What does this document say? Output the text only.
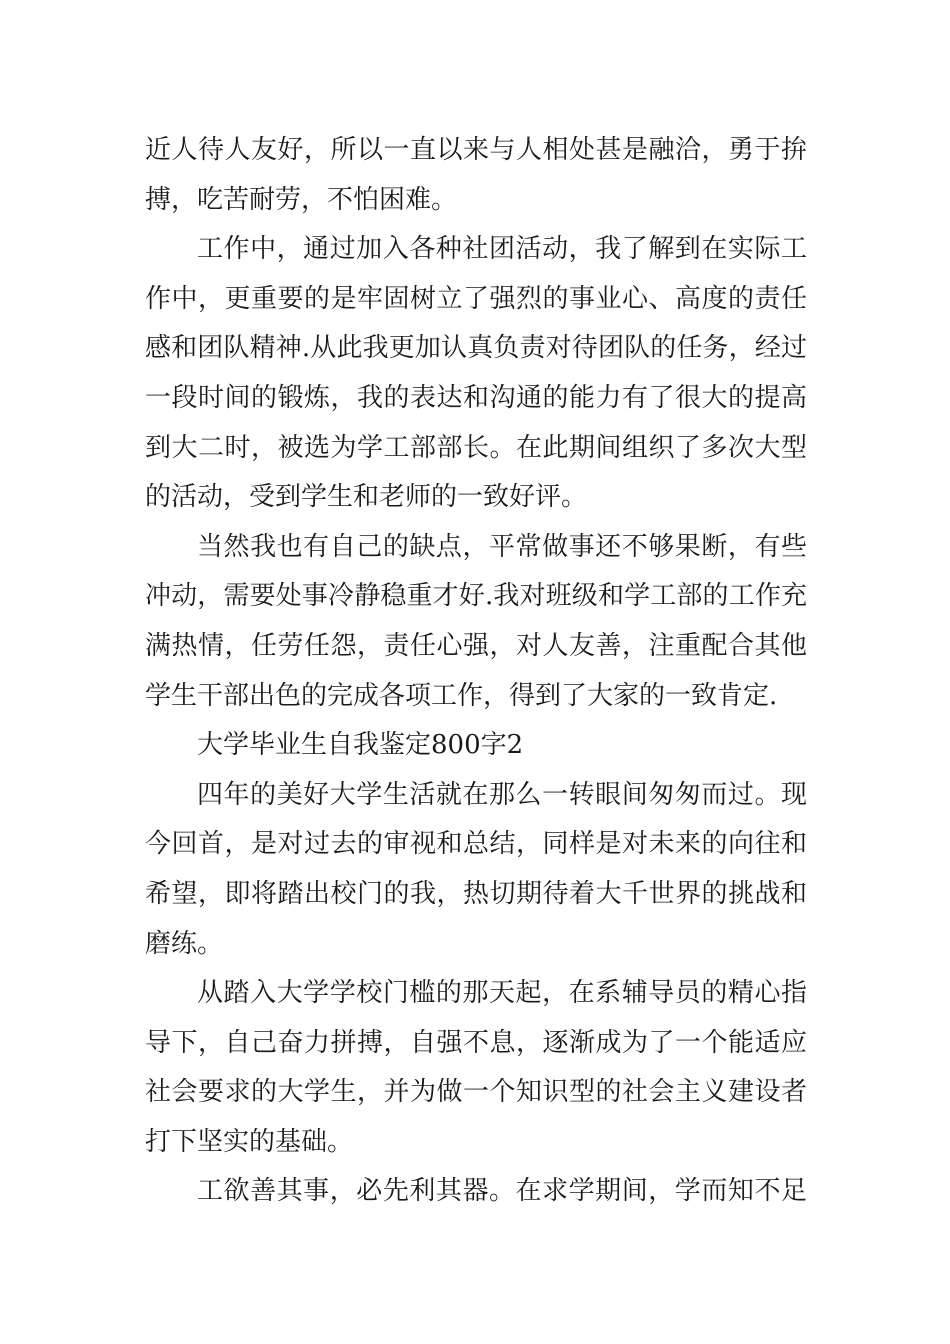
近人待人友好，所以一直以来与人相处甚是融洽，勇于拚
搏，吃苦耐劳，不怕困难。
工作中，通过加入各种社团活动，我了解到在实际工
作中，更重要的是牢固树立了强烈的事业心、高度的责任
感和团队精神.从此我更加认真负责对待团队的任务，经过
一段时间的锻炼，我的表达和沟通的能力有了很大的提高
到大二时，被选为学工部部长。在此期间组织了多次大型
的活动，受到学生和老师的一致好评。
当然我也有自己的缺点，平常做事还不够果断，有些
冲动，需要处事冷静稳重才好.我对班级和学工部的工作充
满热情，任劳任怨，责任心强，对人友善，注重配合其他
学生干部出色的完成各项工作，得到了大家的一致肯定.
大学毕业生自我鉴定800字2
四年的美好大学生活就在那么一转眼间匆匆而过。现
今回首，是对过去的审视和总结，同样是对未来的向往和
希望，即将踏出校门的我，热切期待着大千世界的挑战和
磨练。
从踏入大学学校门槛的那天起，在系辅导员的精心指
导下，自己奋力拼搏，自强不息，逐渐成为了一个能适应
社会要求的大学生，并为做一个知识型的社会主义建设者
打下坚实的基础。
工欲善其事，必先利其器。在求学期间，学而知不足
